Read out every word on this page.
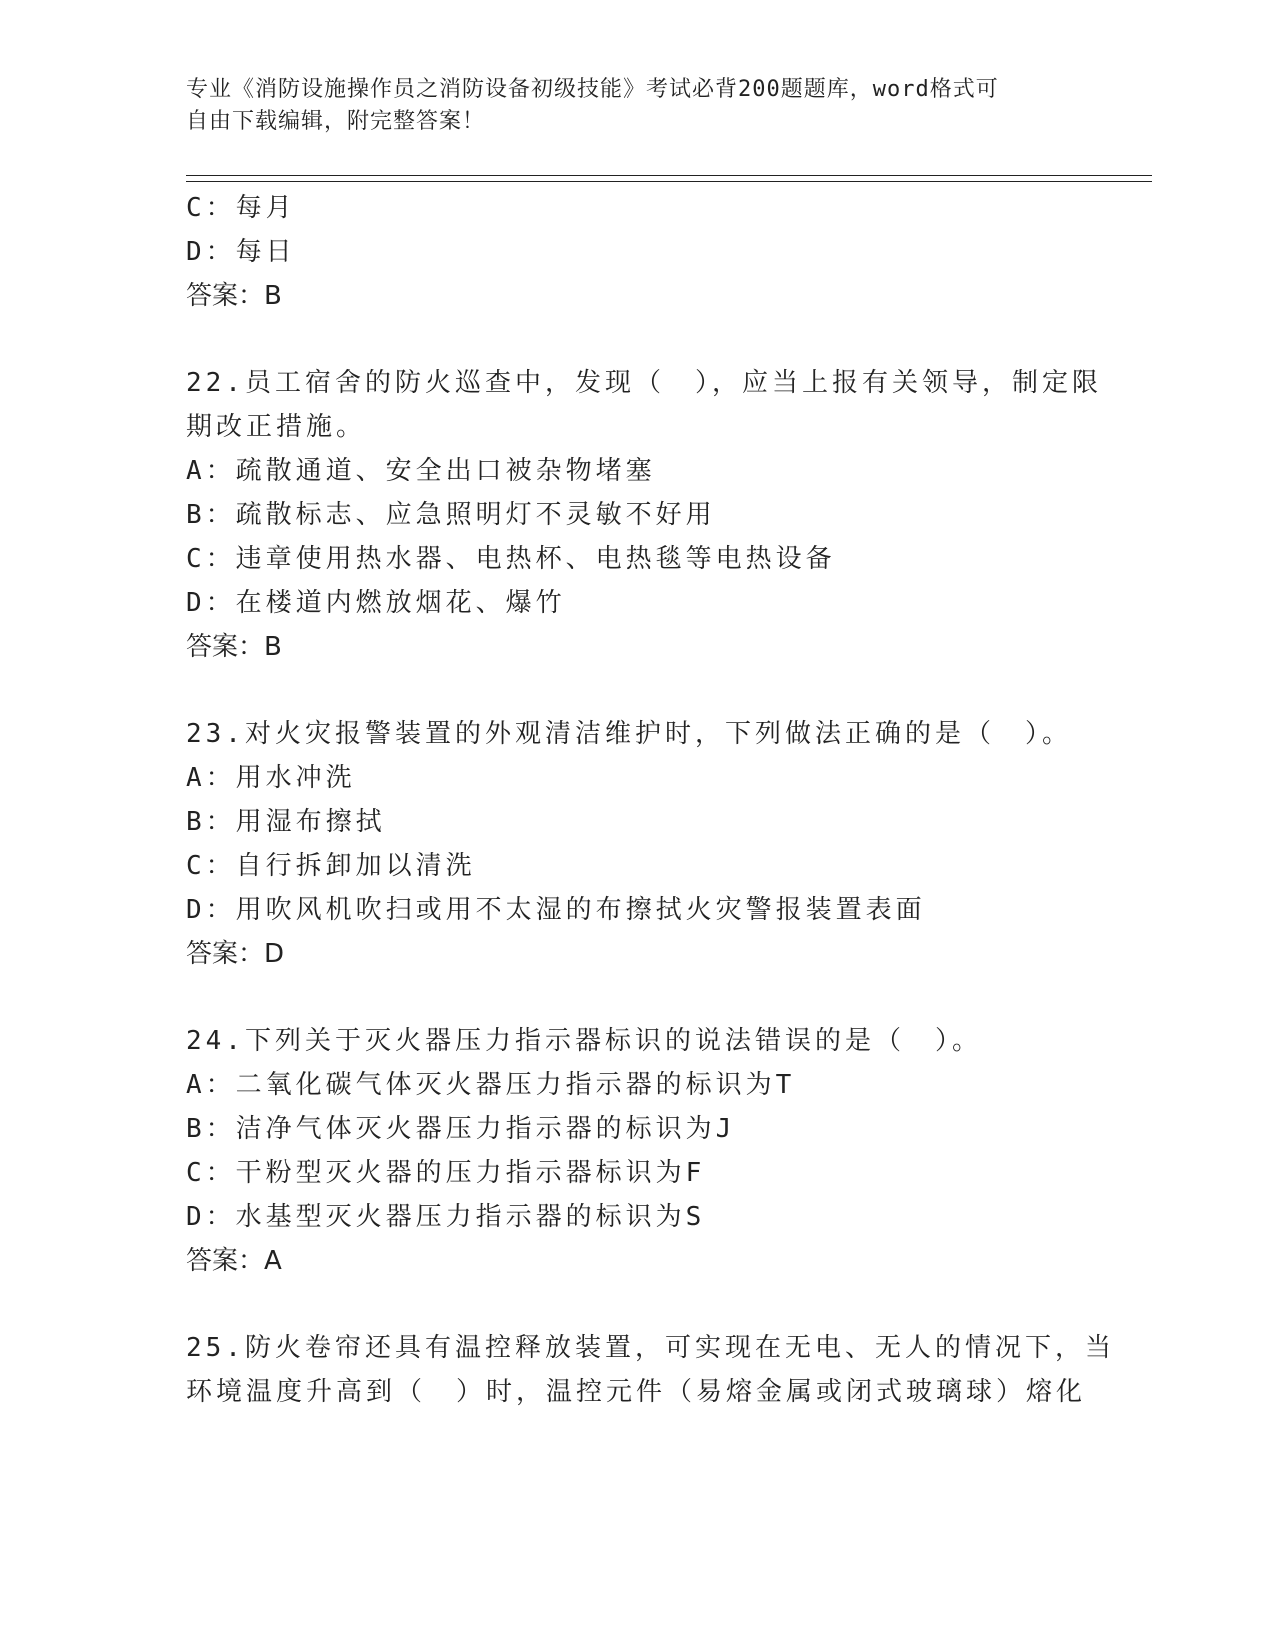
专业《消防设施操作员之消防设备初级技能》考试必背200题题库，word格式可
自由下载编辑，附完整答案！
C：每月
D：每日
答案：B
22.员工宿舍的防火巡查中，发现（　），应当上报有关领导，制定限
期改正措施。
A：疏散通道、安全出口被杂物堵塞
B：疏散标志、应急照明灯不灵敏不好用
C：违章使用热水器、电热杯、电热毯等电热设备
D：在楼道内燃放烟花、爆竹
答案：B
23.对火灾报警装置的外观清洁维护时，下列做法正确的是（　）。
A：用水冲洗
B：用湿布擦拭
C：自行拆卸加以清洗
D：用吹风机吹扫或用不太湿的布擦拭火灾警报装置表面
答案：D
24.下列关于灭火器压力指示器标识的说法错误的是（　）。
A：二氧化碳气体灭火器压力指示器的标识为T
B：洁净气体灭火器压力指示器的标识为J
C：干粉型灭火器的压力指示器标识为F
D：水基型灭火器压力指示器的标识为S
答案：A
25.防火卷帘还具有温控释放装置，可实现在无电、无人的情况下，当
环境温度升高到（　）时，温控元件（易熔金属或闭式玻璃球）熔化
